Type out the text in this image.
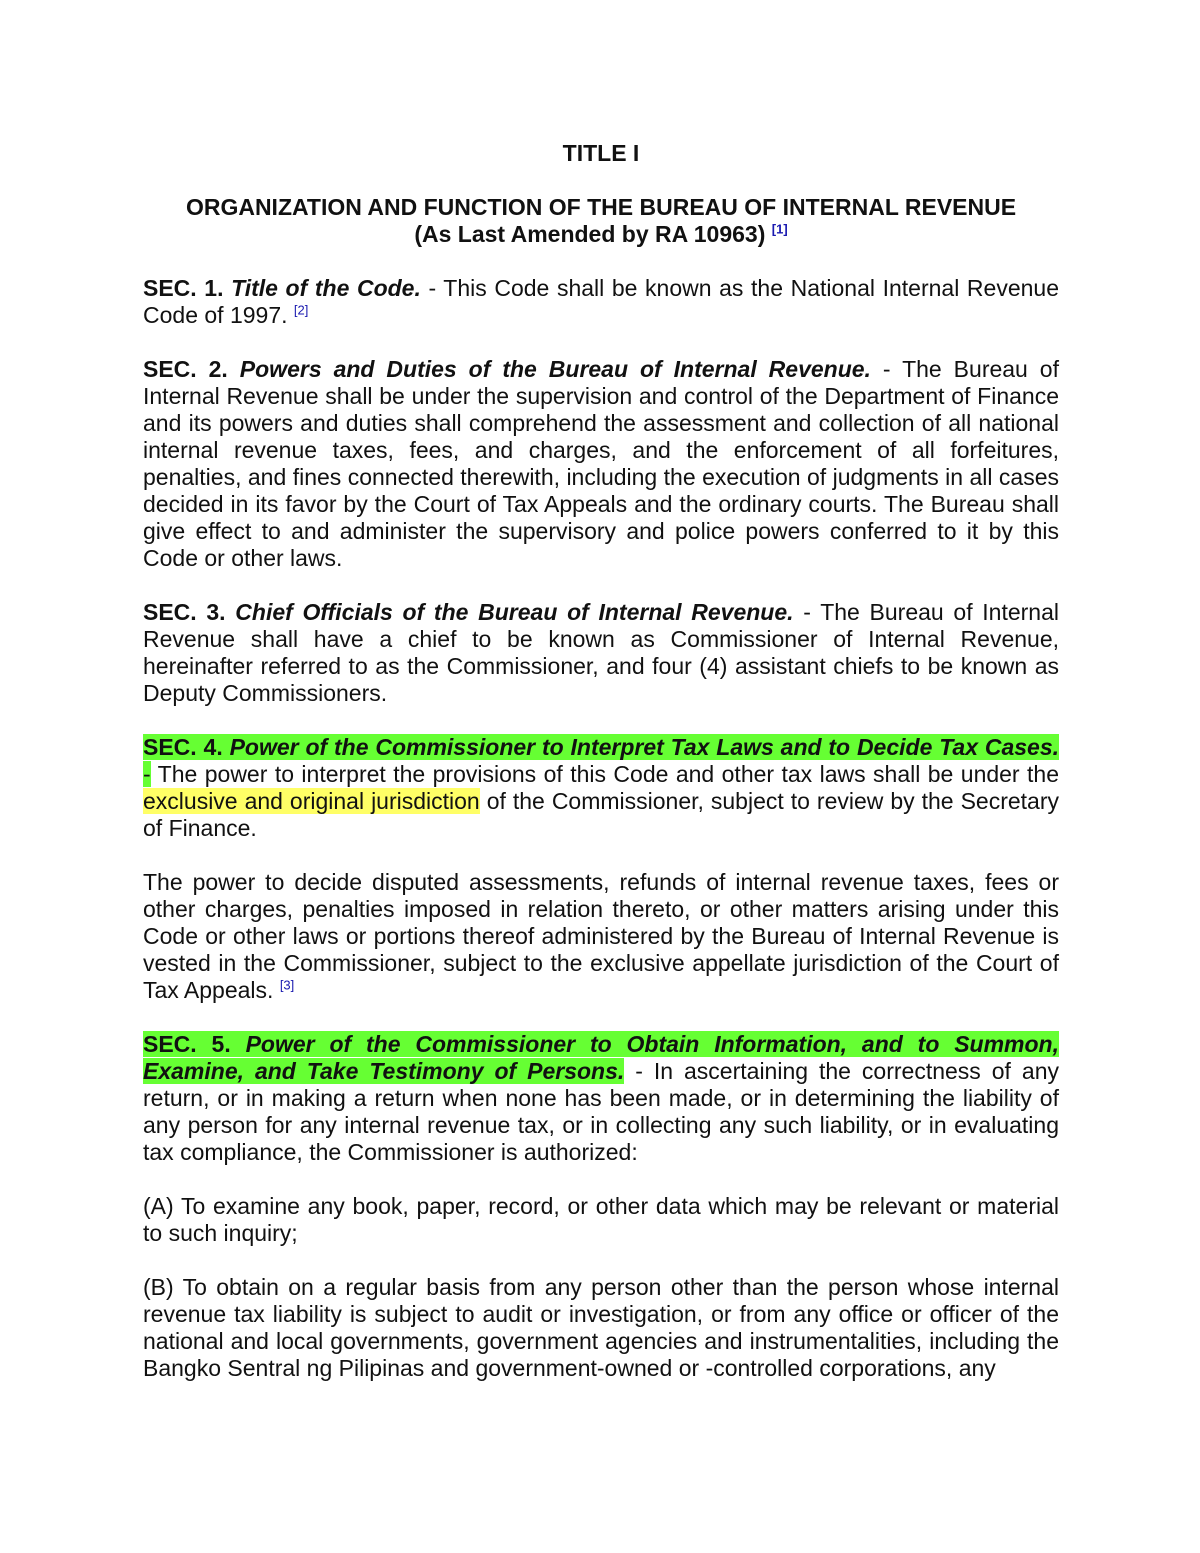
TITLE I

ORGANIZATION AND FUNCTION OF THE BUREAU OF INTERNAL REVENUE

(As Last Amended by RA 10963) [1]

SEC. 1. Title of the Code. - This Code shall be known as the National Internal Revenue Code of 1997. [2]

SEC. 2. Powers and Duties of the Bureau of Internal Revenue. - The Bureau of Internal Revenue shall be under the supervision and control of the Department of Finance and its powers and duties shall comprehend the assessment and collection of all national internal revenue taxes, fees, and charges, and the enforcement of all forfeitures, penalties, and fines connected therewith, including the execution of judgments in all cases decided in its favor by the Court of Tax Appeals and the ordinary courts. The Bureau shall give effect to and administer the supervisory and police powers conferred to it by this Code or other laws.

SEC. 3. Chief Officials of the Bureau of Internal Revenue. - The Bureau of Internal Revenue shall have a chief to be known as Commissioner of Internal Revenue, hereinafter referred to as the Commissioner, and four (4) assistant chiefs to be known as Deputy Commissioners.

SEC. 4. Power of the Commissioner to Interpret Tax Laws and to Decide Tax Cases. - The power to interpret the provisions of this Code and other tax laws shall be under the exclusive and original jurisdiction of the Commissioner, subject to review by the Secretary of Finance.

The power to decide disputed assessments, refunds of internal revenue taxes, fees or other charges, penalties imposed in relation thereto, or other matters arising under this Code or other laws or portions thereof administered by the Bureau of Internal Revenue is vested in the Commissioner, subject to the exclusive appellate jurisdiction of the Court of Tax Appeals. [3]

SEC. 5. Power of the Commissioner to Obtain Information, and to Summon, Examine, and Take Testimony of Persons. - In ascertaining the correctness of any return, or in making a return when none has been made, or in determining the liability of any person for any internal revenue tax, or in collecting any such liability, or in evaluating tax compliance, the Commissioner is authorized:

(A) To examine any book, paper, record, or other data which may be relevant or material to such inquiry;

(B) To obtain on a regular basis from any person other than the person whose internal revenue tax liability is subject to audit or investigation, or from any office or officer of the national and local governments, government agencies and instrumentalities, including the Bangko Sentral ng Pilipinas and government-owned or -controlled corporations, any
